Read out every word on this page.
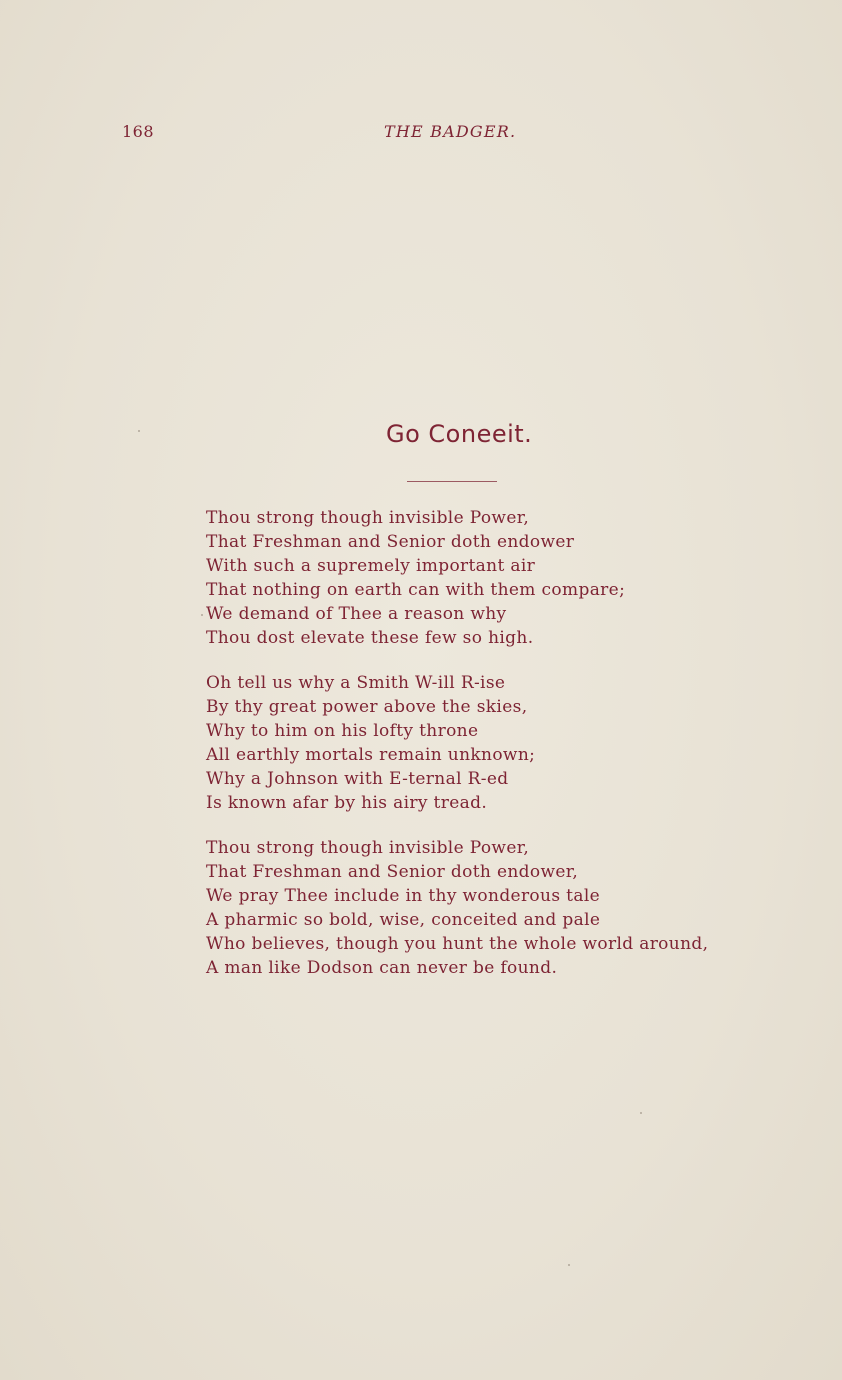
168	THE BADGER.
Go Coneeit.
Thou strong though invisible Power,
That Freshman and Senior doth endower
With such a supremely important air
That nothing on earth can with them compare;
We demand of Thee a reason why
Thou dost elevate these few so high.
Oh tell us why a Smith W-ill R-ise
By thy great power above the skies,
Why to him on his lofty throne
All earthly mortals remain unknown;
Why a Johnson with E-ternal R-ed
Is known afar by his airy tread.
Thou strong though invisible Power,
That Freshman and Senior doth endower,
We pray Thee include in thy wonderous tale
A pharmic so bold, wise, conceited and pale
Who believes, though you hunt the whole world around,
A man like Dodson can never be found.
